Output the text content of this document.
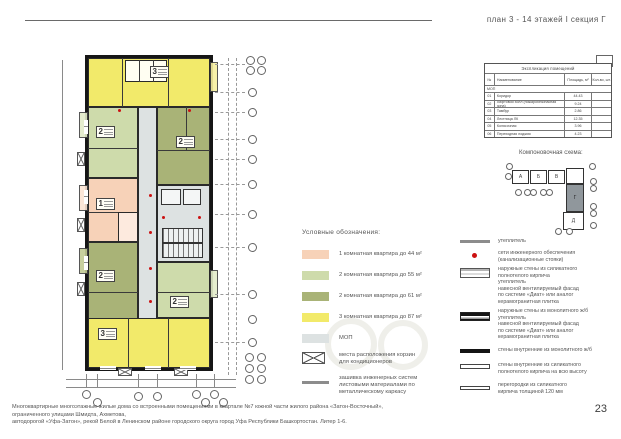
план 3 - 14 этажей I секция Г
3
2
2
1
2
2
3
Условные обозначения:
1 комнатная квартира до 44 м²
2 комнатная квартира до 55 м²
2 комнатная квартира до 61 м²
3 комнатная квартира до 87 м²
МОП
места расположения корзин
для кондиционеров
зашивка инженерных систем
листовыми материалами по
металлическому каркасу
Экспликация помещений
№	Наименование	Площадь, м²	Кол-во, шт.
МОП
01	Коридор	44.43
02	Лифтовой холл (пожаробезопасная зона)	9.24
03	Тамбур	2.86
04	Лестница ЛК	12.35
05	Колясочная	3.96
06	Переходная лоджия	4.23
Компоновочная схема:
А	Б	В
Г
Д
утеплитель
сети инженерного обеспечения
(канализационные стояки)
наружные стены из силикатного
полнотелого кирпича
утеплитель
навесной вентилируемый фасад
по системе «Диат» или аналог
керамогранитная плитка
наружные стены из монолитного ж/б
утеплитель
навесной вентилируемый фасад
по системе «Диат» или аналог
керамогранитная плитка
стены внутренние из монолитного ж/б
стены внутренние из силикатного
полнотелого кирпича на всю высоту
перегородки из силикатного
кирпича толщиной 120 мм
Многоквартирные многоэтажные жилые дома со встроенными помещениями в квартале №7 южной части жилого района «Затон-Восточный», ограниченного улицами Шмидта, Ахметова,
автодорогой «Уфа-Затон», рекой Белой в Ленинском районе городского округа город Уфа Республики Башкортостан. Литер 1-6.
23
